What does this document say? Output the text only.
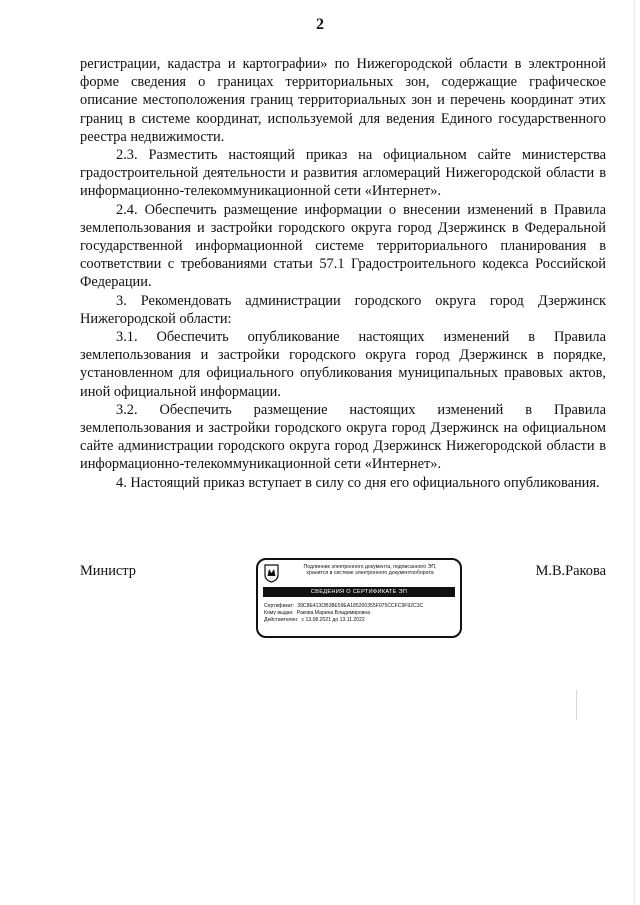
2

регистрации, кадастра и картографии» по Нижегородской области в электронной форме сведения о границах территориальных зон, содержащие графическое описание местоположения границ территориальных зон и перечень координат этих границ в системе координат, используемой для ведения Единого государственного реестра недвижимости.

2.3. Разместить настоящий приказ на официальном сайте министерства градостроительной деятельности и развития агломераций Нижегородской области в информационно-телекоммуникационной сети «Интернет».

2.4. Обеспечить размещение информации о внесении изменений в Правила землепользования и застройки городского округа город Дзержинск в Федеральной государственной информационной системе территориального планирования в соответствии с требованиями статьи 57.1 Градостроительного кодекса Российской Федерации.

3. Рекомендовать администрации городского округа город Дзержинск Нижегородской области:

3.1. Обеспечить опубликование настоящих изменений в Правила землепользования и застройки городского округа город Дзержинск в порядке, установленном для официального опубликования муниципальных правовых актов, иной официальной информации.

3.2. Обеспечить размещение настоящих изменений в Правила землепользования и застройки городского округа город Дзержинск на официальном сайте администрации городского округа город Дзержинск Нижегородской области в информационно-телекоммуникационной сети «Интернет».

4. Настоящий приказ вступает в силу со дня его официального опубликования.

Министр	Подлинник электронного документа, подписанного ЭП,
хранится в системе электронного документооборота
СВЕДЕНИЯ О СЕРТИФИКАТЕ ЭП
Сертификат: 39C8E413OB38E59EA185200355F075CCFC9F92C3C
Кому выдан: Ракова Марина Владимировна
Действителен: с 13.08.2021 до 13.11.2022
М.В.Ракова
